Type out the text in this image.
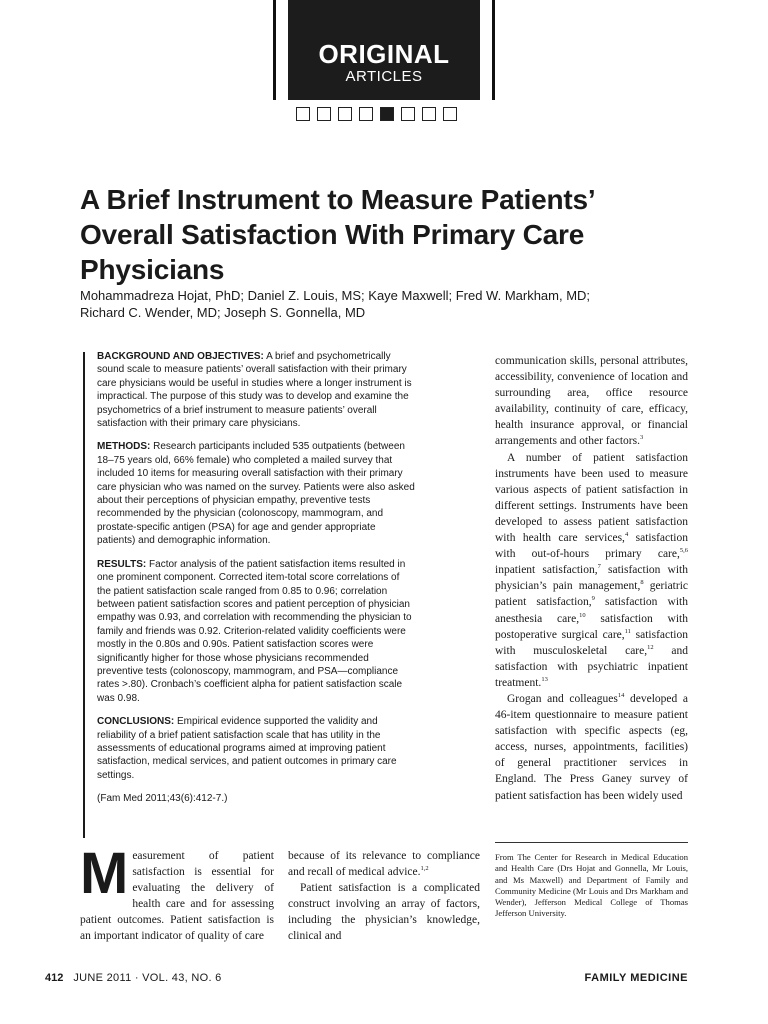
ORIGINAL
ARTICLES
A Brief Instrument to Measure Patients’ Overall Satisfaction With Primary Care Physicians
Mohammadreza Hojat, PhD; Daniel Z. Louis, MS; Kaye Maxwell; Fred W. Markham, MD;
Richard C. Wender, MD; Joseph S. Gonnella, MD

BACKGROUND AND OBJECTIVES: A brief and psychometrically sound scale to measure patients’ overall satisfaction with their primary care physicians would be useful in studies where a longer instrument is impractical. The purpose of this study was to develop and examine the psychometrics of a brief instrument to measure patients’ overall satisfaction with their primary care physicians.

METHODS: Research participants included 535 outpatients (between 18–75 years old, 66% female) who completed a mailed survey that included 10 items for measuring overall satisfaction with their primary care physician who was named on the survey. Patients were also asked about their perceptions of physician empathy, preventive tests recommended by the physician (colonoscopy, mammogram, and prostate-specific antigen (PSA) for age and gender appropriate patients) and demographic information.

RESULTS: Factor analysis of the patient satisfaction items resulted in one prominent component. Corrected item-total score correlations of the patient satisfaction scale ranged from 0.85 to 0.96; correlation between patient satisfaction scores and patient perception of physician empathy was 0.93, and correlation with recommending the physician to family and friends was 0.92. Criterion-related validity coefficients were mostly in the 0.80s and 0.90s. Patient satisfaction scores were significantly higher for those whose physicians recommended preventive tests (colonoscopy, mammogram, and PSA—compliance rates >.80). Cronbach’s coefficient alpha for patient satisfaction scale was 0.98.

CONCLUSIONS: Empirical evidence supported the validity and reliability of a brief patient satisfaction scale that has utility in the assessments of educational programs aimed at improving patient satisfaction, medical services, and patient outcomes in primary care settings.

(Fam Med 2011;43(6):412-7.)
Measurement of patient satisfaction is essential for evaluating the delivery of health care and for assessing patient outcomes. Patient satisfaction is an important indicator of quality of care

because of its relevance to compliance and recall of medical advice.$^{1,2}$

Patient satisfaction is a complicated construct involving an array of factors, including the physician’s knowledge, clinical and

communication skills, personal attributes, accessibility, convenience of location and surrounding area, office resource availability, continuity of care, efficacy, health insurance approval, or financial arrangements and other factors.$^3$

A number of patient satisfaction instruments have been used to measure various aspects of patient satisfaction in different settings. Instruments have been developed to assess patient satisfaction with health care services,$^4$ satisfaction with out-of-hours primary care,$^{5,6}$ inpatient satisfaction,$^7$ satisfaction with physician’s pain management,$^8$ geriatric patient satisfaction,$^9$ satisfaction with anesthesia care,$^{10}$ satisfaction with postoperative surgical care,$^{11}$ satisfaction with musculoskeletal care,$^{12}$ and satisfaction with psychiatric inpatient treatment.$^{13}$

Grogan and colleagues$^{14}$ developed a 46-item questionnaire to measure patient satisfaction with specific aspects (eg, access, nurses, appointments, facilities) of general practitioner services in England. The Press Ganey survey of patient satisfaction has been widely used

From The Center for Research in Medical Education and Health Care (Drs Hojat and Gonnella, Mr Louis, and Ms Maxwell) and Department of Family and Community Medicine (Mr Louis and Drs Markham and Wender), Jefferson Medical College of Thomas Jefferson University.
412 JUNE 2011 · VOL. 43, NO. 6	FAMILY MEDICINE
